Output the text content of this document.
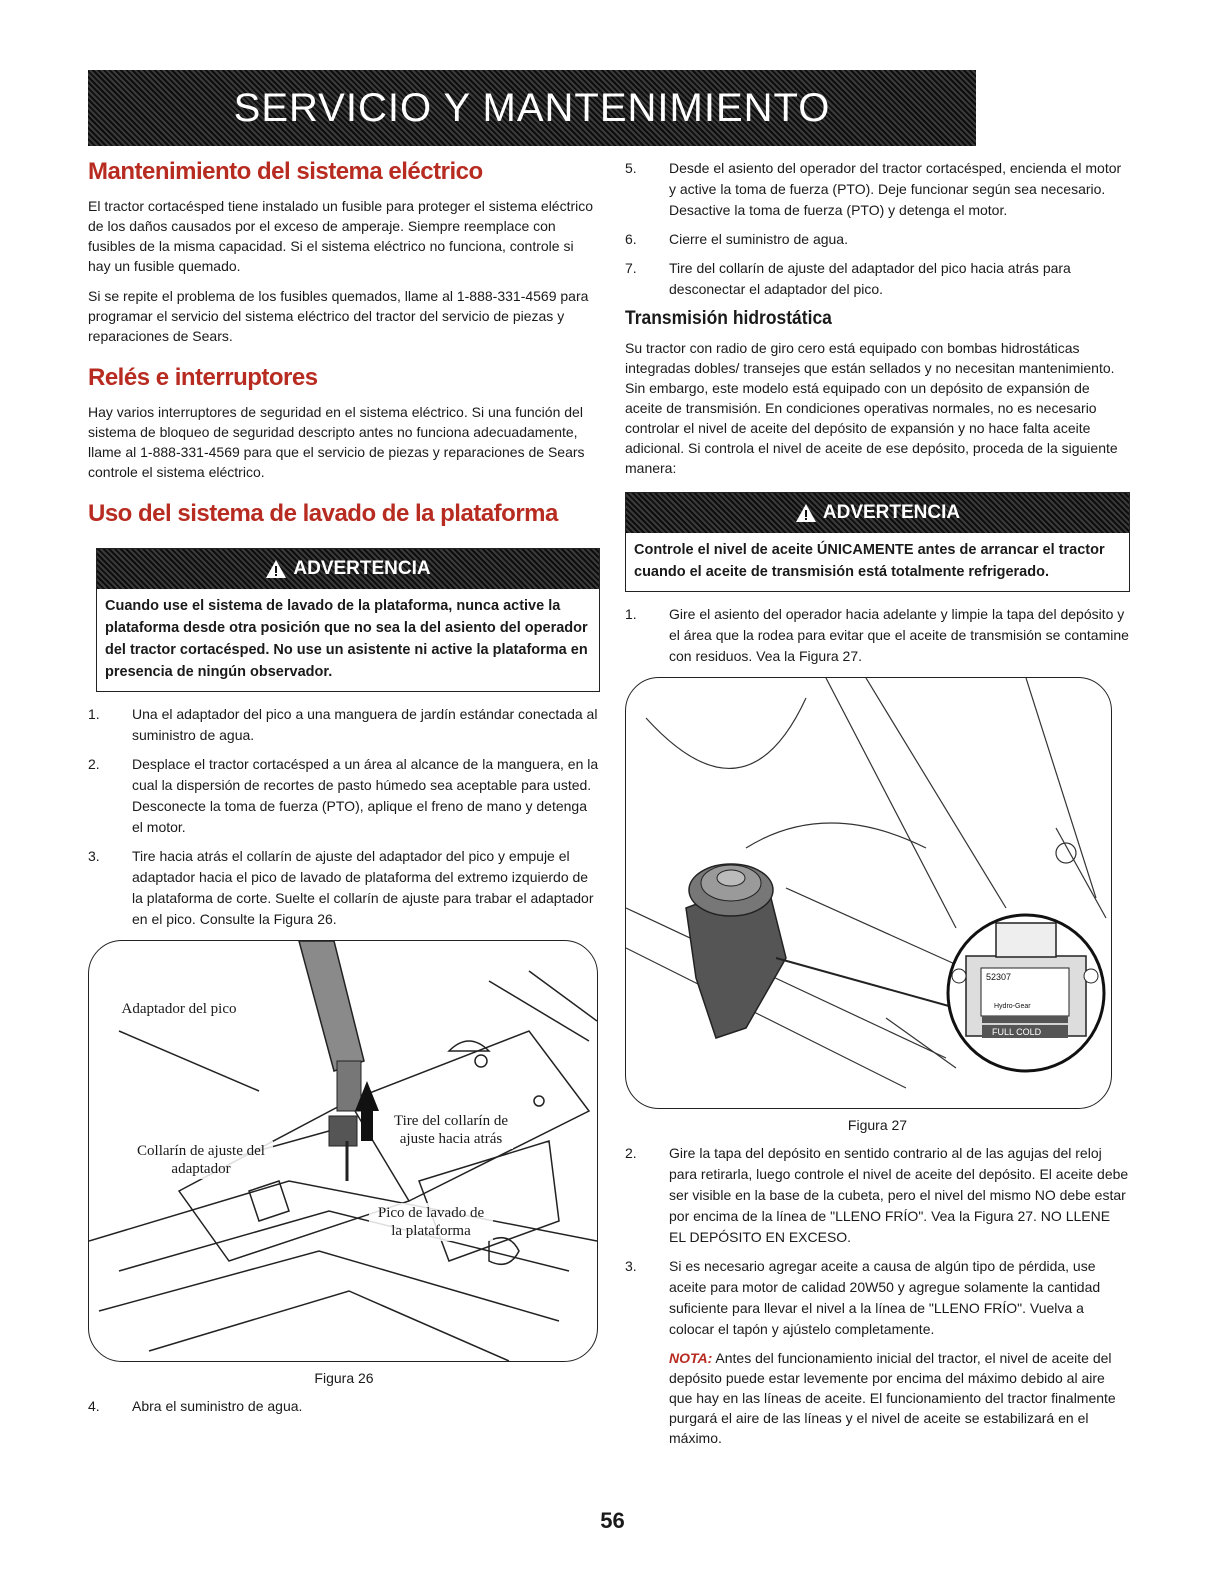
SERVICIO Y MANTENIMIENTO
Mantenimiento del sistema eléctrico

El tractor cortacésped tiene instalado un fusible para proteger el sistema eléctrico de los daños causados por el exceso de amperaje. Siempre reemplace con fusibles de la misma capacidad. Si el sistema eléctrico no funciona, controle si hay un fusible quemado.

Si se repite el problema de los fusibles quemados, llame al 1-888-331-4569 para programar el servicio del sistema eléctrico del tractor del servicio de piezas y reparaciones de Sears.

Relés e interruptores

Hay varios interruptores de seguridad en el sistema eléctrico. Si una función del sistema de bloqueo de seguridad descripto antes no funciona adecuadamente, llame al 1-888-331-4569 para que el servicio de piezas y reparaciones de Sears controle el sistema eléctrico.

Uso del sistema de lavado de la plataforma
ADVERTENCIA
Cuando use el sistema de lavado de la plataforma, nunca active la plataforma desde otra posición que no sea la del asiento del operador del tractor cortacésped. No use un asistente ni active la plataforma en presencia de ningún observador.
1. Una el adaptador del pico a una manguera de jardín estándar conectada al suministro de agua.
2. Desplace el tractor cortacésped a un área al alcance de la manguera, en la cual la dispersión de recortes de pasto húmedo sea aceptable para usted. Desconecte la toma de fuerza (PTO), aplique el freno de mano y detenga el motor.
3. Tire hacia atrás el collarín de ajuste del adaptador del pico y empuje el adaptador hacia el pico de lavado de plataforma del extremo izquierdo de la plataforma de corte. Suelte el collarín de ajuste para trabar el adaptador en el pico. Consulte la Figura 26.
Adaptador del pico
Collarín de ajuste del adaptador
Tire del collarín de ajuste hacia atrás
Pico de lavado de la plataforma
Figura 26
4. Abra el suministro de agua.
5. Desde el asiento del operador del tractor cortacésped, encienda el motor y active la toma de fuerza (PTO). Deje funcionar según sea necesario. Desactive la toma de fuerza (PTO) y detenga el motor.
6. Cierre el suministro de agua.
7. Tire del collarín de ajuste del adaptador del pico hacia atrás para desconectar el adaptador del pico.
Transmisión hidrostática

Su tractor con radio de giro cero está equipado con bombas hidrostáticas integradas dobles/ transejes que están sellados y no necesitan mantenimiento. Sin embargo, este modelo está equipado con un depósito de expansión de aceite de transmisión. En condiciones operativas normales, no es necesario controlar el nivel de aceite del depósito de expansión y no hace falta aceite adicional. Si controla el nivel de aceite de ese depósito, proceda de la siguiente manera:

ADVERTENCIA
Controle el nivel de aceite ÚNICAMENTE antes de arrancar el tractor cuando el aceite de transmisión está totalmente refrigerado.
1. Gire el asiento del operador hacia adelante y limpie la tapa del depósito y el área que la rodea para evitar que el aceite de transmisión se contamine con residuos. Vea la Figura 27.
52307
Hydro-Gear
FULL COLD
Figura 27
2. Gire la tapa del depósito en sentido contrario al de las agujas del reloj para retirarla, luego controle el nivel de aceite del depósito. El aceite debe ser visible en la base de la cubeta, pero el nivel del mismo NO debe estar por encima de la línea de "LLENO FRÍO". Vea la Figura 27. NO LLENE EL DEPÓSITO EN EXCESO.
3. Si es necesario agregar aceite a causa de algún tipo de pérdida, use aceite para motor de calidad 20W50 y agregue solamente la cantidad suficiente para llevar el nivel a la línea de "LLENO FRÍO". Vuelva a colocar el tapón y ajústelo completamente.

NOTA: Antes del funcionamiento inicial del tractor, el nivel de aceite del depósito puede estar levemente por encima del máximo debido al aire que hay en las líneas de aceite. El funcionamiento del tractor finalmente purgará el aire de las líneas y el nivel de aceite se estabilizará en el máximo.

56
